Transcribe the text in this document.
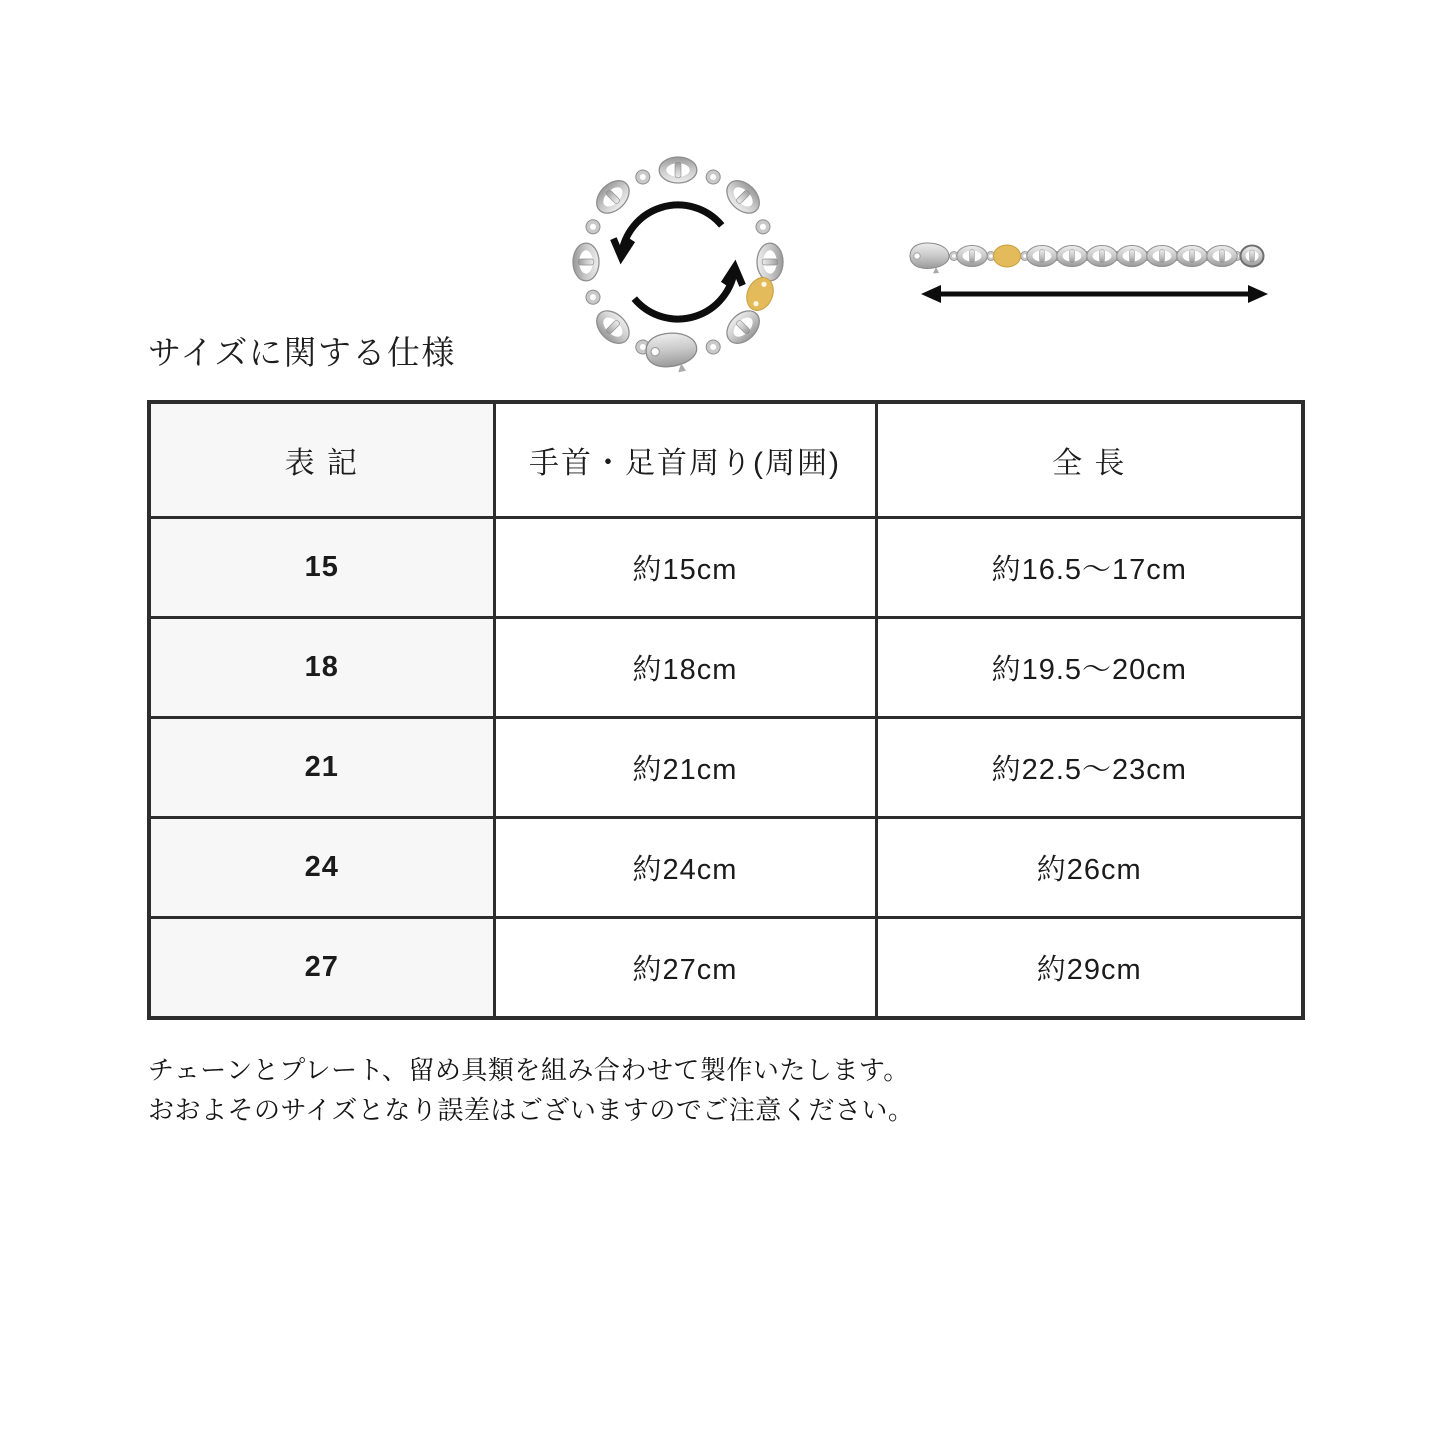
サイズに関する仕様
表 記	手首・足首周り(周囲)	全 長
15	約15cm	約16.5〜17cm
18	約18cm	約19.5〜20cm
21	約21cm	約22.5〜23cm
24	約24cm	約26cm
27	約27cm	約29cm

チェーンとプレート、留め具類を組み合わせて製作いたします。

おおよそのサイズとなり誤差はございますのでご注意ください。
